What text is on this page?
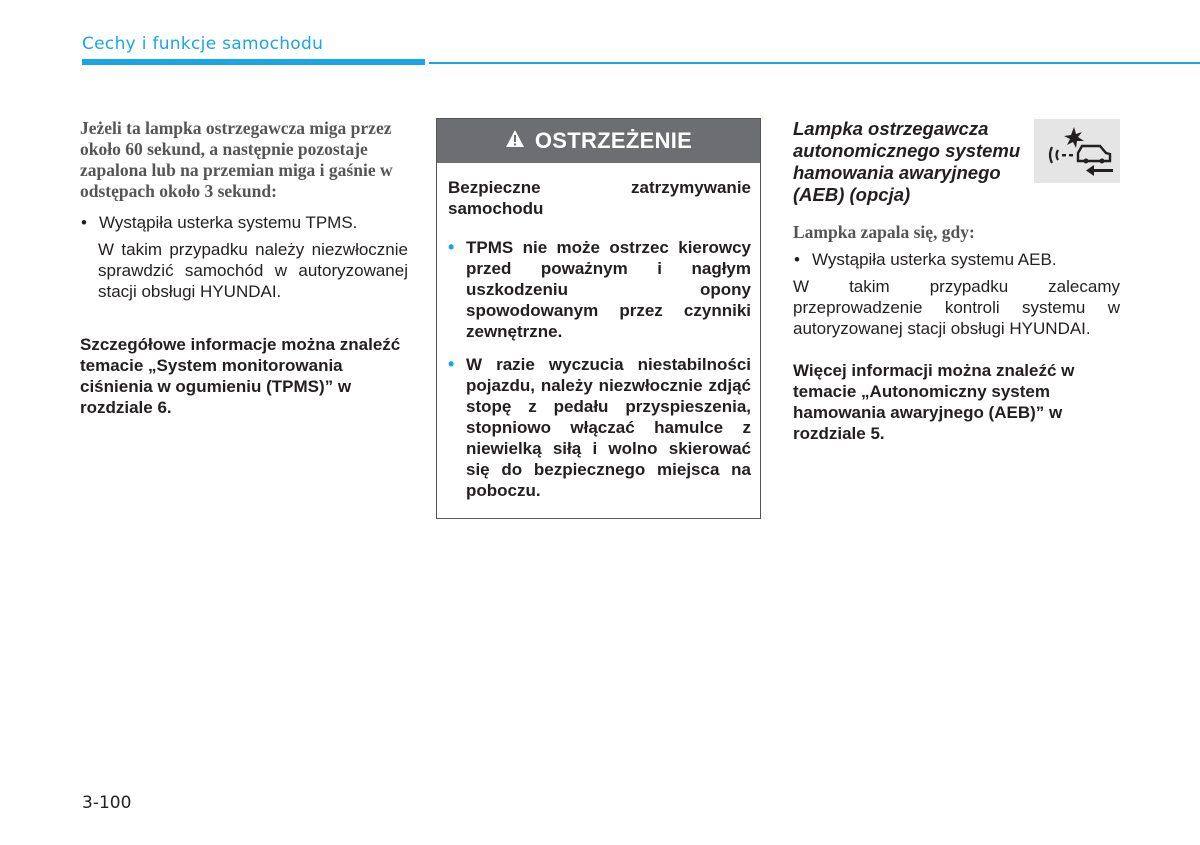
Cechy i funkcje samochodu
Jeżeli ta lampka ostrzegawcza miga przez około 60 sekund, a następnie pozostaje zapalona lub na przemian miga i gaśnie w odstępach około 3 sekund:
• Wystąpiła usterka systemu TPMS.
W takim przypadku należy niezwłocznie sprawdzić samochód w autoryzowanej stacji obsługi HYUNDAI.
Szczegółowe informacje można znaleźć temacie „System monitorowania ciśnienia w ogumieniu (TPMS)” w rozdziale 6.
OSTRZEŻENIE
Bezpieczne zatrzymywanie samochodu
• TPMS nie może ostrzec kierowcy przed poważnym i nagłym uszkodzeniu opony spowodowanym przez czynniki zewnętrzne.
• W razie wyczucia niestabilności pojazdu, należy niezwłocznie zdjąć stopę z pedału przyspieszenia, stopniowo włączać hamulce z niewielką siłą i wolno skierować się do bezpiecznego miejsca na poboczu.
Lampka ostrzegawcza autonomicznego systemu hamowania awaryjnego (AEB) (opcja)
Lampka zapala się, gdy:
• Wystąpiła usterka systemu AEB.
W takim przypadku zalecamy przeprowadzenie kontroli systemu w autoryzowanej stacji obsługi HYUNDAI.
Więcej informacji można znaleźć w temacie „Autonomiczny system hamowania awaryjnego (AEB)” w rozdziale 5.
3-100
